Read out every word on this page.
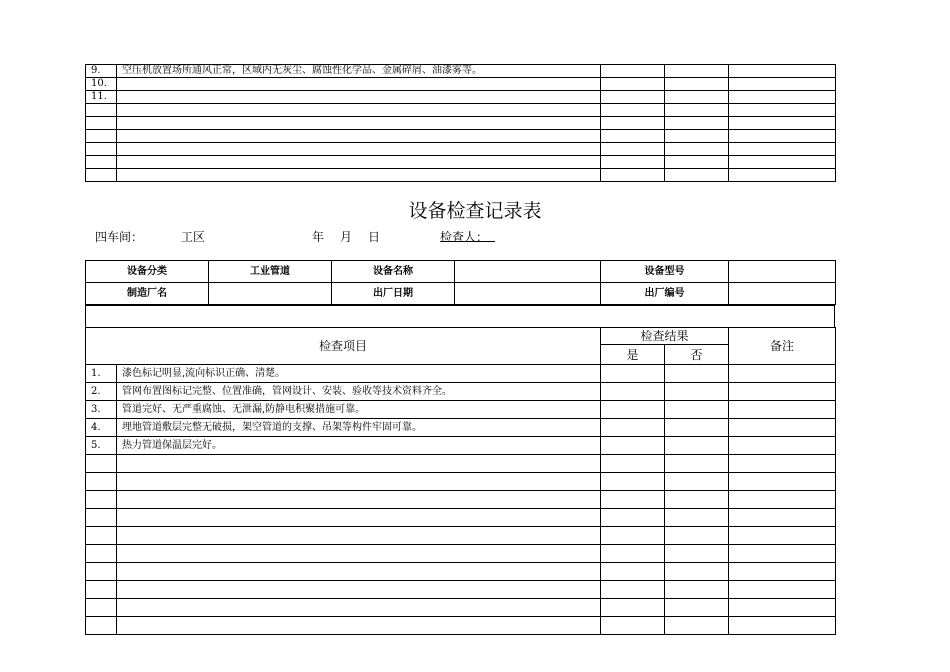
9.	空压机放置场所通风正常，区域内无灰尘、腐蚀性化学品、金属碎屑、油漆雾等。			
10.				
11.				

设备检查记录表
四车间：	工区	年 月 日	检查人：
设备分类	工业管道	设备名称		设备型号	
制造厂名		出厂日期		出厂编号	
检查项目		检查结果		备注
		是	否	
1.	漆色标记明显,流向标识正确、清楚。			
2.	管网布置图标记完整、位置准确，管网设计、安装、验收等技术资料齐全。			
3.	管道完好、无严重腐蚀、无泄漏,防静电积聚措施可靠。			
4.	埋地管道敷层完整无破损，架空管道的支撑、吊架等构件牢固可靠。			
5.	热力管道保温层完好。			
